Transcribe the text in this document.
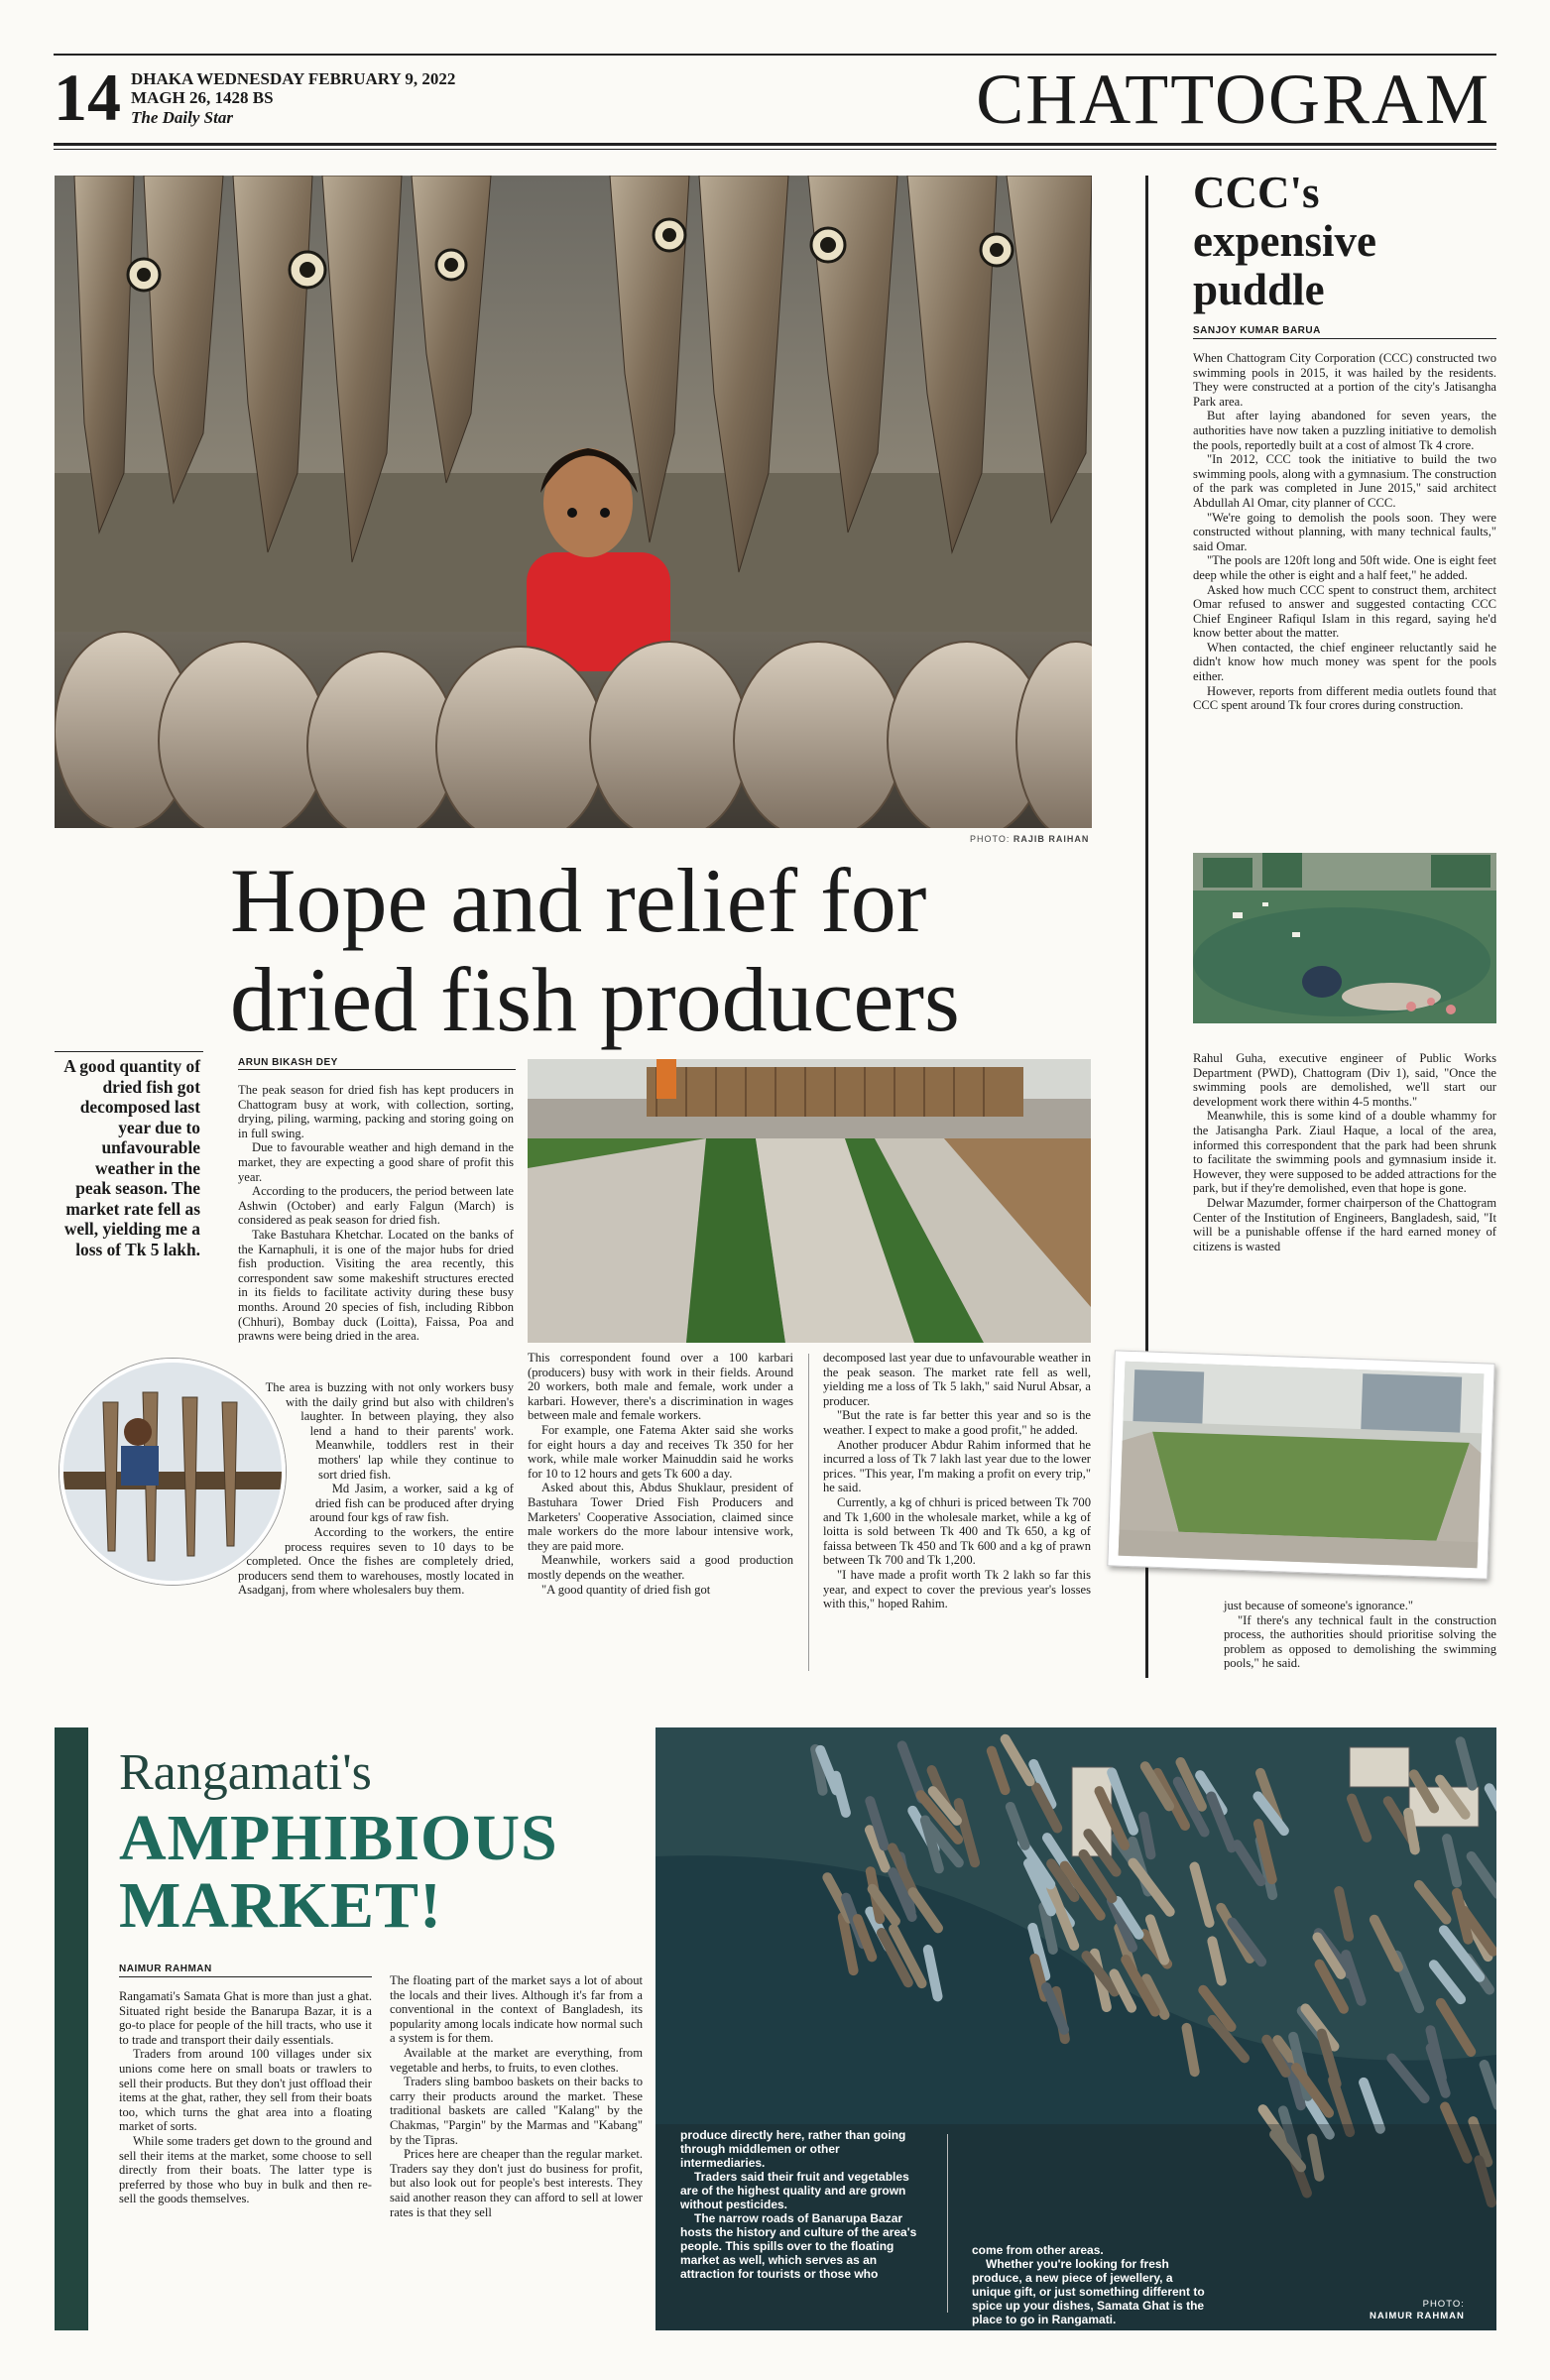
14 DHAKA WEDNESDAY FEBRUARY 9, 2022
MAGH 26, 1428 BS
The Daily Star	CHATTOGRAM
PHOTO: RAJIB RAIHAN
Hope and relief for dried fish producers
A good quantity of dried fish got decomposed last year due to unfavourable weather in the peak season. The market rate fell as well, yielding me a loss of Tk 5 lakh.
ARUN BIKASH DEY

The peak season for dried fish has kept producers in Chattogram busy at work, with collection, sorting, drying, piling, warming, packing and storing going on in full swing.

Due to favourable weather and high demand in the market, they are expecting a good share of profit this year.

According to the producers, the period between late Ashwin (October) and early Falgun (March) is considered as peak season for dried fish.

Take Bastuhara Khetchar. Located on the banks of the Karnaphuli, it is one of the major hubs for dried fish production. Visiting the area recently, this correspondent saw some makeshift structures erected in its fields to facilitate activity during these busy months. Around 20 species of fish, including Ribbon (Chhuri), Bombay duck (Loitta), Faissa, Poa and prawns were being dried in the area.

The area is buzzing with not only workers busy with the daily grind but also with children's laughter. In between playing, they also lend a hand to their parents' work. Meanwhile, toddlers rest in their mothers' lap while they continue to sort dried fish.

Md Jasim, a worker, said a kg of dried fish can be produced after drying around four kgs of raw fish.

According to the workers, the entire process requires seven to 10 days to be completed. Once the fishes are completely dried, producers send them to warehouses, mostly located in Asadganj, from where wholesalers buy them.

This correspondent found over a 100 karbari (producers) busy with work in their fields. Around 20 workers, both male and female, work under a karbari. However, there's a discrimination in wages between male and female workers.

For example, one Fatema Akter said she works for eight hours a day and receives Tk 350 for her work, while male worker Mainuddin said he works for 10 to 12 hours and gets Tk 600 a day.

Asked about this, Abdus Shuklaur, president of Bastuhara Tower Dried Fish Producers and Marketers' Cooperative Association, claimed since male workers do the more labour intensive work, they are paid more.

Meanwhile, workers said a good production mostly depends on the weather.

"A good quantity of dried fish got

decomposed last year due to unfavourable weather in the peak season. The market rate fell as well, yielding me a loss of Tk 5 lakh," said Nurul Absar, a producer.

"But the rate is far better this year and so is the weather. I expect to make a good profit," he added.

Another producer Abdur Rahim informed that he incurred a loss of Tk 7 lakh last year due to the lower prices. "This year, I'm making a profit on every trip," he said.

Currently, a kg of chhuri is priced between Tk 700 and Tk 1,600 in the wholesale market, while a kg of loitta is sold between Tk 400 and Tk 650, a kg of faissa between Tk 450 and Tk 600 and a kg of prawn between Tk 700 and Tk 1,200.

"I have made a profit worth Tk 2 lakh so far this year, and expect to cover the previous year's losses with this," hoped Rahim.

CCC's expensive puddle
SANJOY KUMAR BARUA

When Chattogram City Corporation (CCC) constructed two swimming pools in 2015, it was hailed by the residents. They were constructed at a portion of the city's Jatisangha Park area.

But after laying abandoned for seven years, the authorities have now taken a puzzling initiative to demolish the pools, reportedly built at a cost of almost Tk 4 crore.

"In 2012, CCC took the initiative to build the two swimming pools, along with a gymnasium. The construction of the park was completed in June 2015," said architect Abdullah Al Omar, city planner of CCC.

"We're going to demolish the pools soon. They were constructed without planning, with many technical faults," said Omar.

"The pools are 120ft long and 50ft wide. One is eight feet deep while the other is eight and a half feet," he added.

Asked how much CCC spent to construct them, architect Omar refused to answer and suggested contacting CCC Chief Engineer Rafiqul Islam in this regard, saying he'd know better about the matter.

When contacted, the chief engineer reluctantly said he didn't know how much money was spent for the pools either.

However, reports from different media outlets found that CCC spent around Tk four crores during construction.

Rahul Guha, executive engineer of Public Works Department (PWD), Chattogram (Div 1), said, "Once the swimming pools are demolished, we'll start our development work there within 4-5 months."

Meanwhile, this is some kind of a double whammy for the Jatisangha Park. Ziaul Haque, a local of the area, informed this correspondent that the park had been shrunk to facilitate the swimming pools and gymnasium inside it. However, they were supposed to be added attractions for the park, but if they're demolished, even that hope is gone.

Delwar Mazumder, former chairperson of the Chattogram Center of the Institution of Engineers, Bangladesh, said, "It will be a punishable offense if the hard earned money of citizens is wasted

just because of someone's ignorance."

"If there's any technical fault in the construction process, the authorities should prioritise solving the problem as opposed to demolishing the swimming pools," he said.

Rangamati's
AMPHIBIOUS
MARKET!
NAIMUR RAHMAN

Rangamati's Samata Ghat is more than just a ghat. Situated right beside the Banarupa Bazar, it is a go-to place for people of the hill tracts, who use it to trade and transport their daily essentials.

Traders from around 100 villages under six unions come here on small boats or trawlers to sell their products. But they don't just offload their items at the ghat, rather, they sell from their boats too, which turns the ghat area into a floating market of sorts.

While some traders get down to the ground and sell their items at the market, some choose to sell directly from their boats. The latter type is preferred by those who buy in bulk and then re-sell the goods themselves.

The floating part of the market says a lot of about the locals and their lives. Although it's far from a conventional in the context of Bangladesh, its popularity among locals indicate how normal such a system is for them.

Available at the market are everything, from vegetable and herbs, to fruits, to even clothes.

Traders sling bamboo baskets on their backs to carry their products around the market. These traditional baskets are called "Kalang" by the Chakmas, "Pargin" by the Marmas and "Kabang" by the Tipras.

Prices here are cheaper than the regular market. Traders say they don't just do business for profit, but also look out for people's best interests. They said another reason they can afford to sell at lower rates is that they sell

produce directly here, rather than going through middlemen or other intermediaries.

Traders said their fruit and vegetables are of the highest quality and are grown without pesticides.

The narrow roads of Banarupa Bazar hosts the history and culture of the area's people. This spills over to the floating market as well, which serves as an attraction for tourists or those who

come from other areas.

Whether you're looking for fresh produce, a new piece of jewellery, a unique gift, or just something different to spice up your dishes, Samata Ghat is the place to go in Rangamati.

PHOTO:
NAIMUR RAHMAN
